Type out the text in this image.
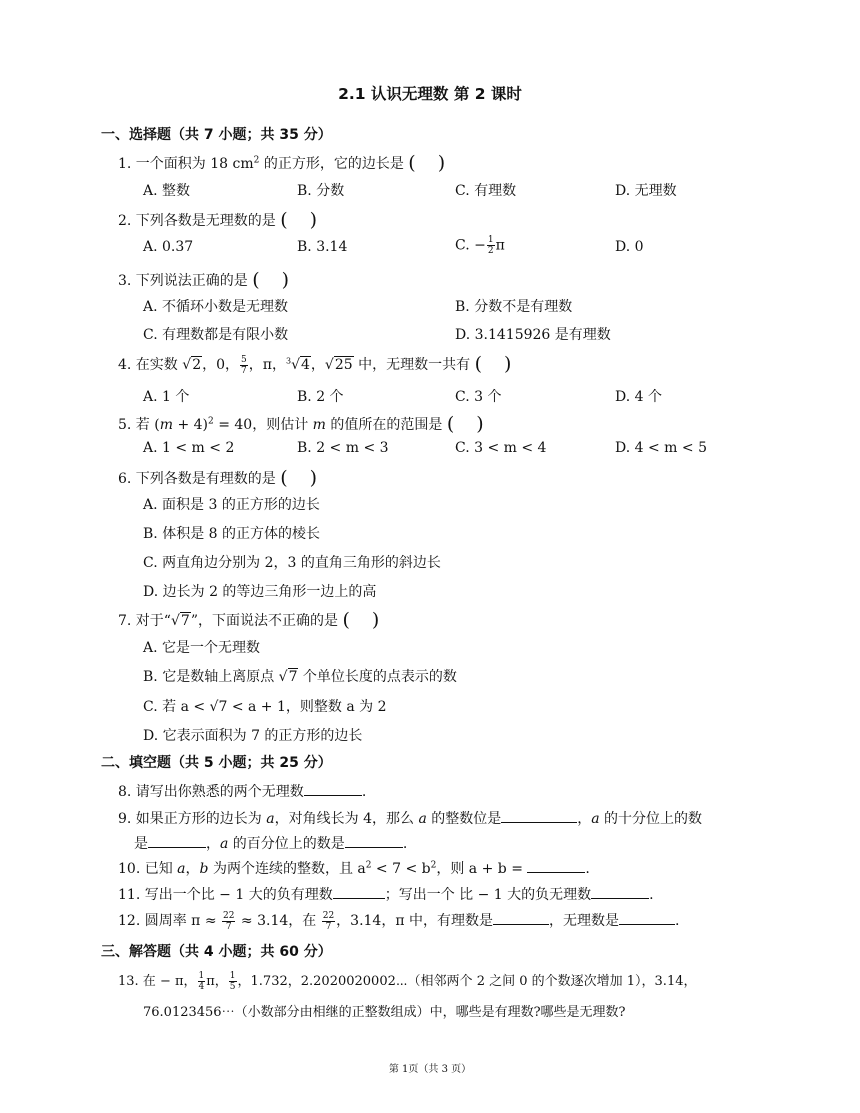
2.1 认识无理数 第 2 课时
一、选择题（共 7 小题；共 35 分）
1. 一个面积为 18 $cm^2$ 的正方形，它的边长是 ()
A. 整数	B. 分数	C. 有理数	D. 无理数
2. 下列各数是无理数的是 ()
A. 0.37	B. 3.14	C. − $\frac{1}{2}$ π	D. 0
3. 下列说法正确的是 ()
A. 不循环小数是无理数	B. 分数不是有理数
C. 有理数都是有限小数	D. 3.1415926 是有理数
4. 在实数 √2，0， $\frac{5}{7}$ ，π，$^3$√4，√25 中，无理数一共有 ()
A. 1 个	B. 2 个	C. 3 个	D. 4 个
5. 若 $(m + 4)^2 = 40$，则估计 m 的值所在的范围是 ()
A. 1 < m < 2	B. 2 < m < 3	C. 3 < m < 4	D. 4 < m < 5
6. 下列各数是有理数的是 ()
A. 面积是 3 的正方形的边长
B. 体积是 8 的正方体的棱长
C. 两直角边分别为 2，3 的直角三角形的斜边长
D. 边长为 2 的等边三角形一边上的高
7. 对于“√7”，下面说法不正确的是 ()
A. 它是一个无理数
B. 它是数轴上离原点 √7 个单位长度的点表示的数
C. 若 a < √7 < a + 1，则整数 a 为 2
D. 它表示面积为 7 的正方形的边长
二、填空题（共 5 小题；共 25 分）
8. 请写出你熟悉的两个无理数	.
9. 如果正方形的边长为 a，对角线长为 4，那么 a 的整数位是	，a 的十分位上的数
是	，a 的百分位上的数是	.
10. 已知 a，b 为两个连续的整数，且 $a^2 < 7 < b^2$，则 a + b =	.
11. 写出一个比 − 1 大的负有理数	；写出一个 比 − 1 大的负无理数	.
12. 圆周率 $\pi \approx \frac{22}{7} \approx 3.14$，在 $\frac{22}{7}$ ，3.14，π 中，有理数是	，无理数是	.
三、解答题（共 4 小题；共 60 分）
13. 在 − π， $\frac{1}{4}$ π， $\frac{1}{5}$ ，1.732，2.2020020002⋯（相邻两个 2 之间 0 的个数逐次增加 1），3.14，
76.0123456⋯（小数部分由相继的正整数组成）中，哪些是有理数?哪些是无理数?
第 1页（共 3 页）
